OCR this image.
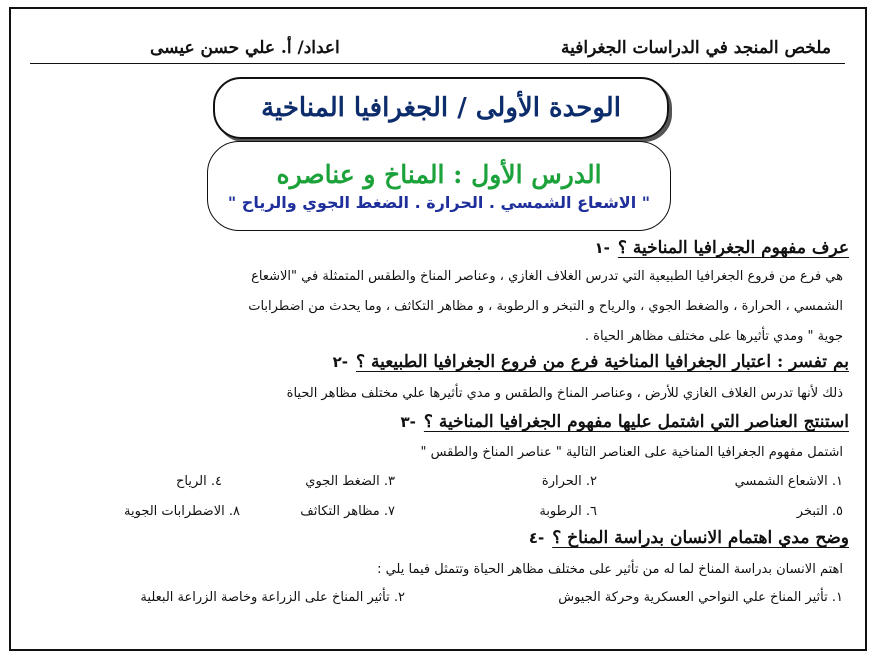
ملخص المنجد في الدراسات الجغرافية
اعداد/ أ. علي حسن عيسى
الوحدة الأولى / الجغرافيا المناخية
الدرس الأول : المناخ و عناصره
" الاشعاع الشمسي . الحرارة . الضغط الجوي والرياح "
-١ عرف مفهوم الجغرافيا المناخية ؟
هي فرع من فروع الجغرافيا الطبيعية التي تدرس الغلاف الغازي ، وعناصر المناخ والطقس المتمثلة في "الاشعاع
الشمسي ، الحرارة ، والضغط الجوي ، والرياح و التبخر و الرطوبة ، و مظاهر التكاثف ، وما يحدث من اضطرابات
جوية " ومدي تأثيرها على مختلف مظاهر الحياة .
-٢ بم تفسر : اعتبار الجغرافيا المناخية فرع من فروع الجغرافيا الطبيعية ؟
ذلك لأنها تدرس الغلاف الغازي للأرض ، وعناصر المناخ والطقس و مدي تأثيرها علي مختلف مظاهر الحياة
-٣ استنتج العناصر التي اشتمل عليها مفهوم الجغرافيا المناخية ؟
اشتمل مفهوم الجغرافيا المناخية على العناصر التالية " عناصر المناخ والطقس "
١. الاشعاع الشمسي
٢. الحرارة
٣. الضغط الجوي
٤. الرياح
٥. التبخر
٦. الرطوبة
٧. مظاهر التكاثف
٨. الاضطرابات الجوية
-٤ وضح مدي اهتمام الانسان بدراسة المناخ ؟
اهتم الانسان بدراسة المناخ لما له من تأثير على مختلف مظاهر الحياة وتتمثل فيما يلي :
١. تأثير المناخ علي النواحي العسكرية وحركة الجيوش
٢. تأثير المناخ على الزراعة وخاصة الزراعة البعلية
